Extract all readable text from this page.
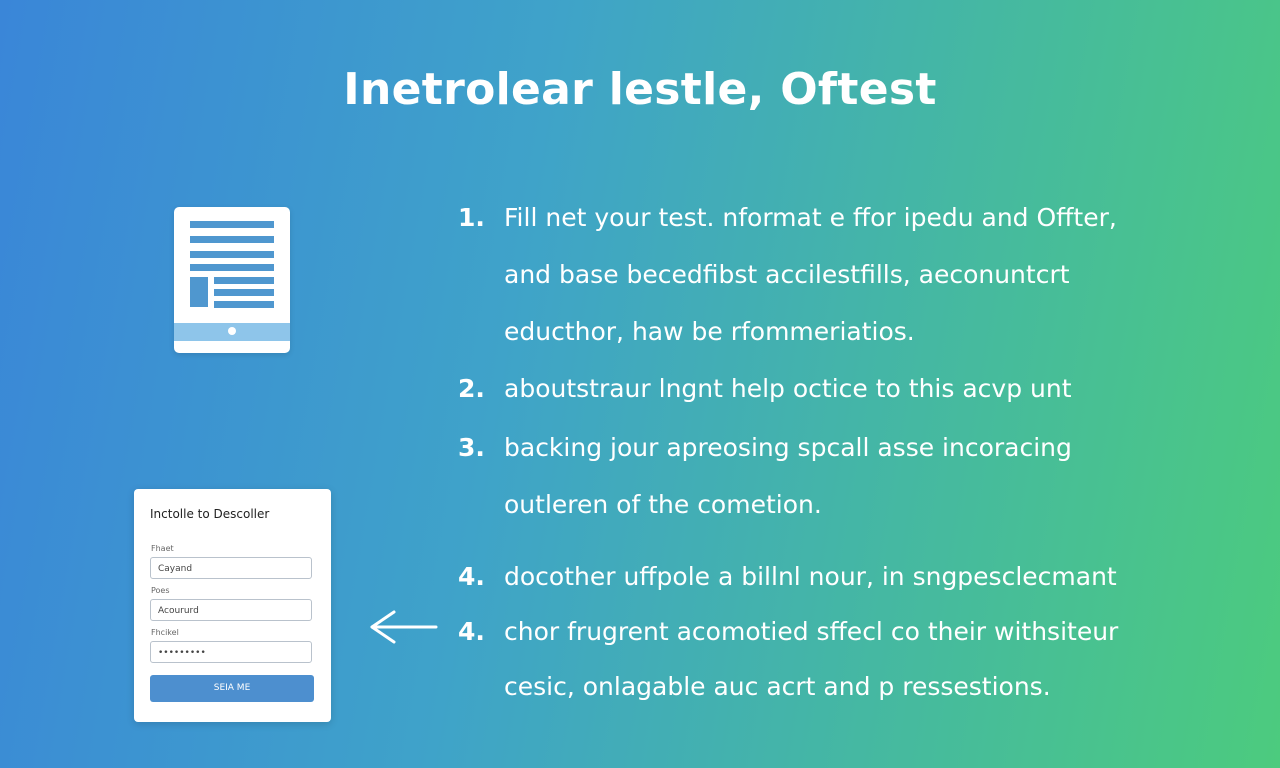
Inetrolear lestle, Oftest
Inctolle to Descoller
Fhaet
Cayand
Poes
Acoururd
Fhcikel
•••••••••
SEIA ME
1. Fill net your test. nformat e ffor ipedu and Offter,
and base becedfibst accilestfills, aeconuntcrt
educthor, haw be rfommeriatios.
2. aboutstraur lngnt help octice to this acvp unt
3. backing jour apreosing spcall asse incoracing
outleren of the cometion.
4. docother uffpole a billnl nour, in sngpesclecmant
4. chor frugrent acomotied sffecl co their withsiteur
cesic, onlagable auc acrt and p ressestions.
